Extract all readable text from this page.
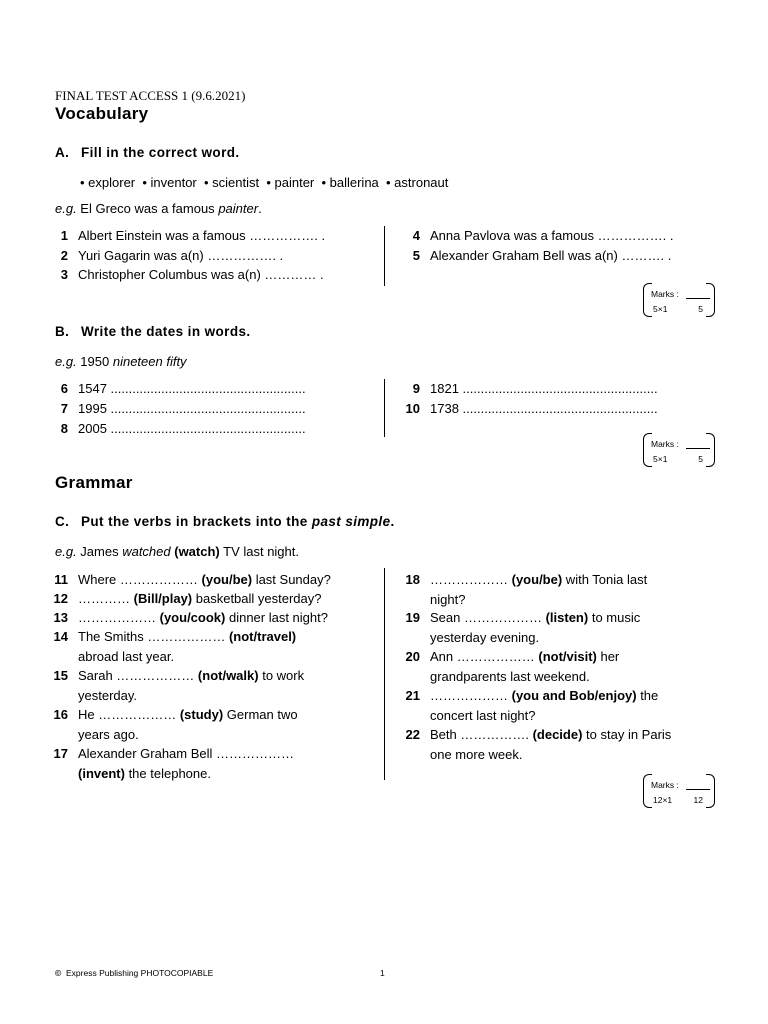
FINAL TEST ACCESS 1 (9.6.2021)
Vocabulary
A. Fill in the correct word.
• explorer  • inventor  • scientist  • painter  • ballerina  • astronaut
e.g. El Greco was a famous painter.
1 Albert Einstein was a famous ……………. .
2 Yuri Gagarin was a(n) ……………. .
3 Christopher Columbus was a(n) ………… .
4 Anna Pavlova was a famous ……………. .
5 Alexander Graham Bell was a(n) ………. .
Marks :
5×1	5
B. Write the dates in words.
e.g. 1950 nineteen fifty
6 1547 ......................................................
7 1995 ......................................................
8 2005 ......................................................
9 1821 ......................................................
10 1738 ......................................................
Marks :
5×1	5
Grammar
C. Put the verbs in brackets into the past simple.
e.g. James watched (watch) TV last night.
11 Where ……………… (you/be) last Sunday?
12 ………… (Bill/play) basketball yesterday?
13 ……………… (you/cook) dinner last night?
14 The Smiths ……………… (not/travel)
abroad last year.
15 Sarah ……………… (not/walk) to work
yesterday.
16 He ……………… (study) German two
years ago.
17 Alexander Graham Bell ………………
(invent) the telephone.
18 ……………… (you/be) with Tonia last
night?
19 Sean ……………… (listen) to music
yesterday evening.
20 Ann ……………… (not/visit) her
grandparents last weekend.
21 ……………… (you and Bob/enjoy) the
concert last night?
22 Beth ……………. (decide) to stay in Paris
one more week.
Marks :
12×1	12
© Express Publishing PHOTOCOPIABLE	1
